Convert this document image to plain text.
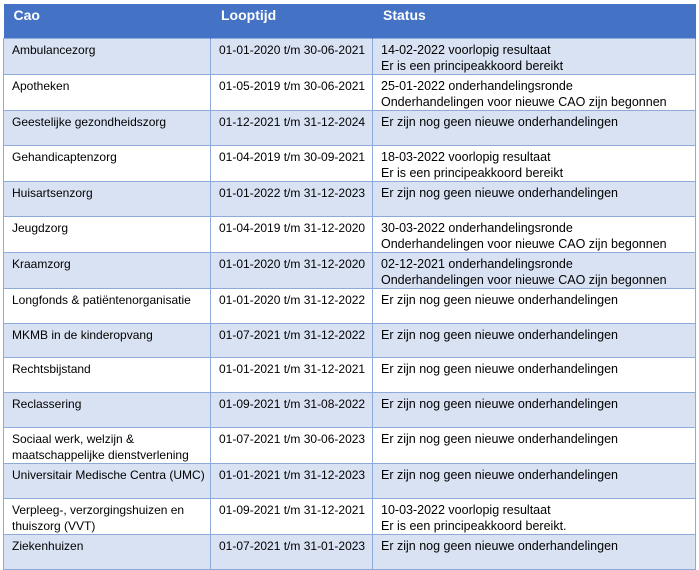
Cao	Looptijd	Status

Ambulancezorg	01-01-2020 t/m 30-06-2021	14-02-2022 voorlopig resultaat
Er is een principeakkoord bereikt

Apotheken	01-05-2019 t/m 30-06-2021	25-01-2022 onderhandelingsronde
Onderhandelingen voor nieuwe CAO zijn begonnen

Geestelijke gezondheidszorg	01-12-2021 t/m 31-12-2024	Er zijn nog geen nieuwe onderhandelingen

Gehandicaptenzorg	01-04-2019 t/m 30-09-2021	18-03-2022 voorlopig resultaat
Er is een principeakkoord bereikt

Huisartsenzorg	01-01-2022 t/m 31-12-2023	Er zijn nog geen nieuwe onderhandelingen

Jeugdzorg	01-04-2019 t/m 31-12-2020	30-03-2022 onderhandelingsronde
Onderhandelingen voor nieuwe CAO zijn begonnen

Kraamzorg	01-01-2020 t/m 31-12-2020	02-12-2021 onderhandelingsronde
Onderhandelingen voor nieuwe CAO zijn begonnen

Longfonds & patiëntenorganisatie	01-01-2020 t/m 31-12-2022	Er zijn nog geen nieuwe onderhandelingen

MKMB in de kinderopvang	01-07-2021 t/m 31-12-2022	Er zijn nog geen nieuwe onderhandelingen

Rechtsbijstand	01-01-2021 t/m 31-12-2021	Er zijn nog geen nieuwe onderhandelingen

Reclassering	01-09-2021 t/m 31-08-2022	Er zijn nog geen nieuwe onderhandelingen

Sociaal werk, welzijn &
maatschappelijke dienstverlening	01-07-2021 t/m 30-06-2023	Er zijn nog geen nieuwe onderhandelingen

Universitair Medische Centra (UMC)	01-01-2021 t/m 31-12-2023	Er zijn nog geen nieuwe onderhandelingen

Verpleeg-, verzorgingshuizen en
thuiszorg (VVT)	01-09-2021 t/m 31-12-2021	10-03-2022 voorlopig resultaat
Er is een principeakkoord bereikt.

Ziekenhuizen	01-07-2021 t/m 31-01-2023	Er zijn nog geen nieuwe onderhandelingen
